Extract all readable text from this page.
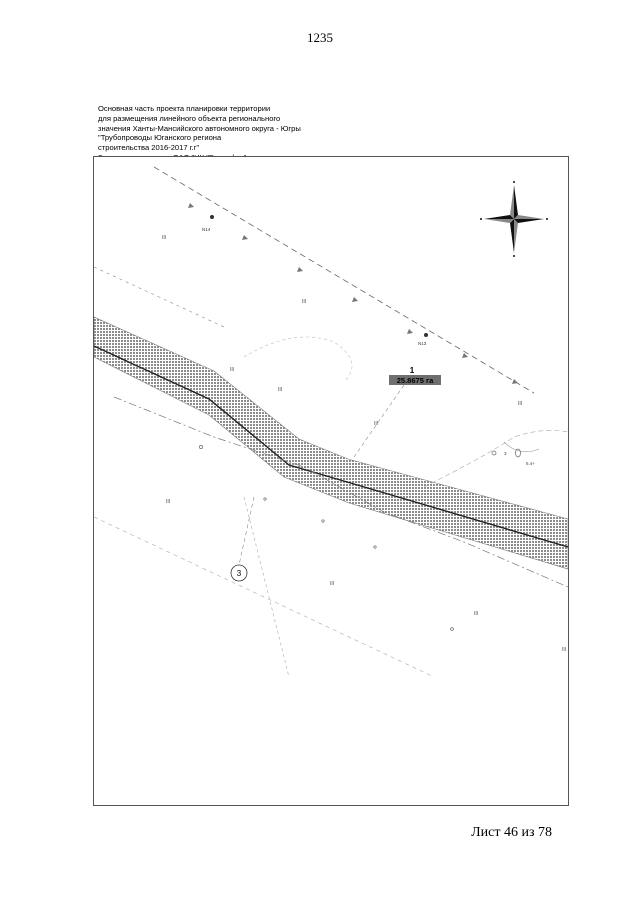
1235
Основная часть проекта планировки территории
для размещения линейного объекта регионального
значения Ханты-Мансийского автономного округа - Югры
"Трубопроводы Юганского региона
строительства 2016-2017 г.г"
N14
N13
3
6.4+
III
III
III
III
III
III
III
III
III
III
1
25.8675 га
3
Лист 46 из 78
